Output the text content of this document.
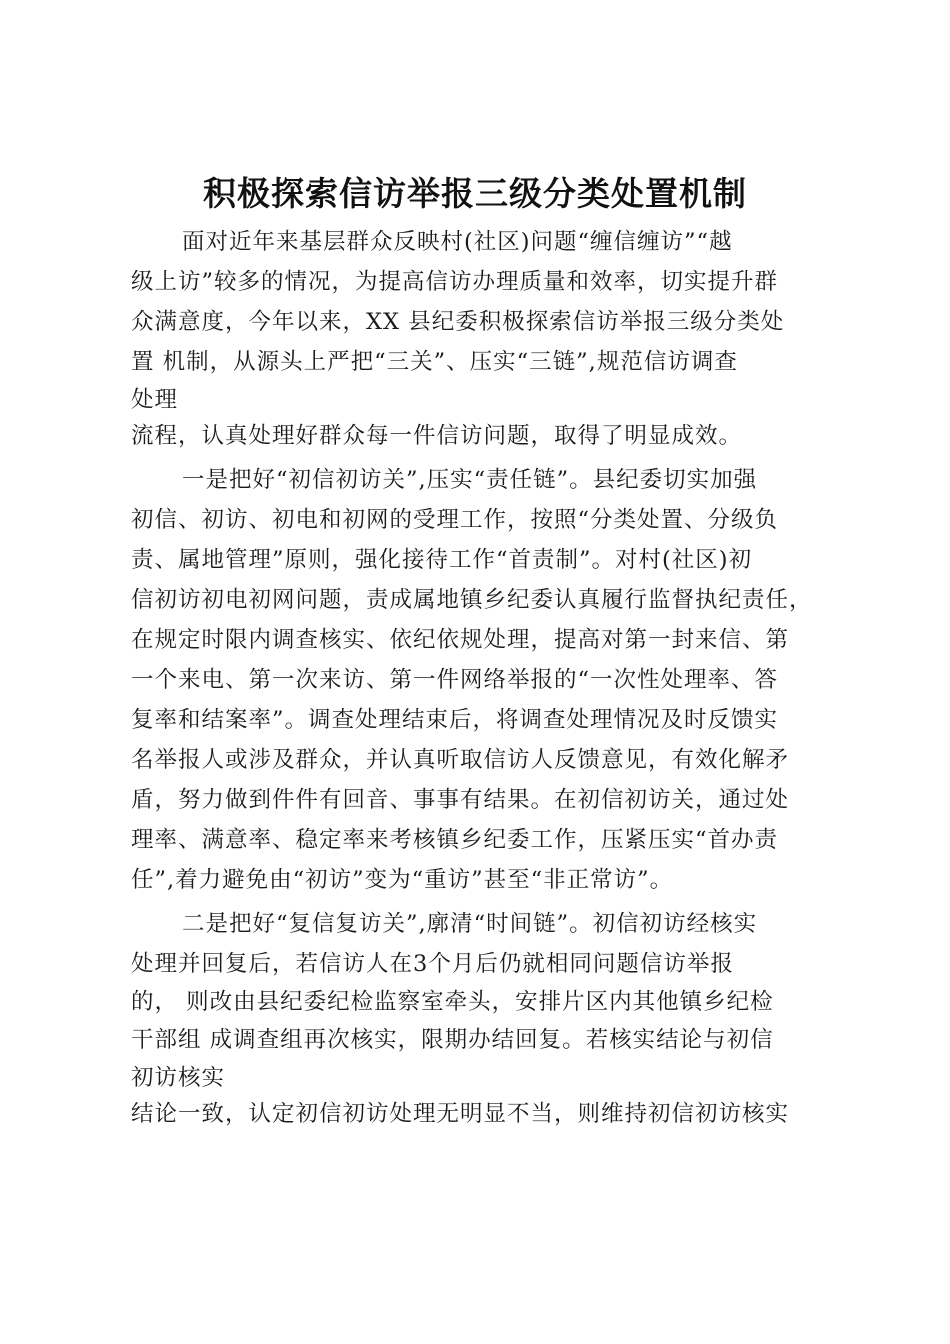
积极探索信访举报三级分类处置机制
面对近年来基层群众反映村(社区)问题“缠信缠访”“越
级上访”较多的情况，为提高信访办理质量和效率，切实提升群
众满意度，今年以来，XX 县纪委积极探索信访举报三级分类处
置 机制，从源头上严把“三关”、压实“三链”,规范信访调查
处理
流程，认真处理好群众每一件信访问题，取得了明显成效。
一是把好“初信初访关”,压实“责任链”。县纪委切实加强
初信、初访、初电和初网的受理工作，按照“分类处置、分级负
责、属地管理”原则，强化接待工作“首责制”。对村(社区)初
信初访初电初网问题，责成属地镇乡纪委认真履行监督执纪责任，
在规定时限内调查核实、依纪依规处理，提高对第一封来信、第
一个来电、第一次来访、第一件网络举报的“一次性处理率、答
复率和结案率”。调查处理结束后，将调查处理情况及时反馈实
名举报人或涉及群众，并认真听取信访人反馈意见，有效化解矛
盾，努力做到件件有回音、事事有结果。在初信初访关，通过处
理率、满意率、稳定率来考核镇乡纪委工作，压紧压实“首办责
任”,着力避免由“初访”变为“重访”甚至“非正常访”。
二是把好“复信复访关”,廓清“时间链”。初信初访经核实
处理并回复后，若信访人在3个月后仍就相同问题信访举报
的， 则改由县纪委纪检监察室牵头，安排片区内其他镇乡纪检
干部组 成调查组再次核实，限期办结回复。若核实结论与初信
初访核实
结论一致，认定初信初访处理无明显不当，则维持初信初访核实
